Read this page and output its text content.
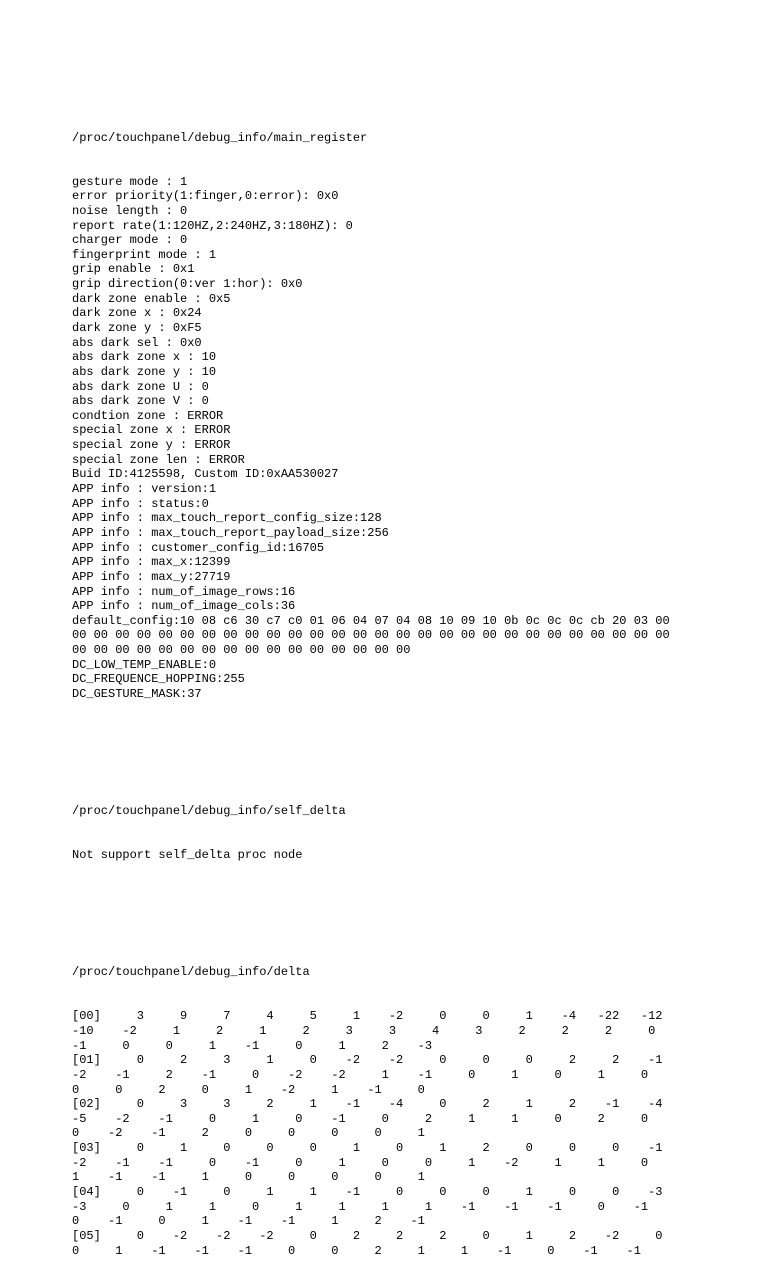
/proc/touchpanel/debug_info/main_register

gesture mode : 1
error priority(1:finger,0:error): 0x0
noise length : 0
report rate(1:120HZ,2:240HZ,3:180HZ): 0
charger mode : 0
fingerprint mode : 1
grip enable : 0x1
grip direction(0:ver 1:hor): 0x0
dark zone enable : 0x5
dark zone x : 0x24
dark zone y : 0xF5
abs dark sel : 0x0
abs dark zone x : 10
abs dark zone y : 10
abs dark zone U : 0
abs dark zone V : 0
condtion zone : ERROR
special zone x : ERROR
special zone y : ERROR
special zone len : ERROR
Buid ID:4125598, Custom ID:0xAA530027
APP info : version:1
APP info : status:0
APP info : max_touch_report_config_size:128
APP info : max_touch_report_payload_size:256
APP info : customer_config_id:16705
APP info : max_x:12399
APP info : max_y:27719
APP info : num_of_image_rows:16
APP info : num_of_image_cols:36
default_config:10 08 c6 30 c7 c0 01 06 04 07 04 08 10 09 10 0b 0c 0c 0c cb 20 03 00
00 00 00 00 00 00 00 00 00 00 00 00 00 00 00 00 00 00 00 00 00 00 00 00 00 00 00 00
00 00 00 00 00 00 00 00 00 00 00 00 00 00 00 00
DC_LOW_TEMP_ENABLE:0
DC_FREQUENCE_HOPPING:255
DC_GESTURE_MASK:37

/proc/touchpanel/debug_info/self_delta

Not support self_delta proc node

/proc/touchpanel/debug_info/delta

[00]     3     9     7     4     5     1    -2     0     0     1    -4   -22   -12
-10    -2     1     2     1     2     3     3     4     3     2     2     2     0
-1     0     0     1    -1     0     1     2    -3
[01]     0     2     3     1     0    -2    -2     0     0     0     2     2    -1
-2    -1     2    -1     0    -2    -2     1    -1     0     1     0     1     0
0     0     2     0     1    -2     1    -1     0
[02]     0     3     3     2     1    -1    -4     0     2     1     2    -1    -4
-5    -2    -1     0     1     0    -1     0     2     1     1     0     2     0
0    -2    -1     2     0     0     0     0     1
[03]     0     1     0     0     0     1     0     1     2     0     0     0    -1
-2    -1    -1     0    -1     0     1     0     0     1    -2     1     1     0
1    -1    -1     1     0     0     0     0     1
[04]     0    -1     0     1     1    -1     0     0     0     1     0     0    -3
-3     0     1     1     0     1     1     1     1    -1    -1    -1     0    -1
0    -1     0     1    -1    -1     1     2    -1
[05]     0    -2    -2    -2     0     2     2     2     0     1     2    -2     0
0     1    -1    -1    -1     0     0     2     1     1    -1     0    -1    -1
